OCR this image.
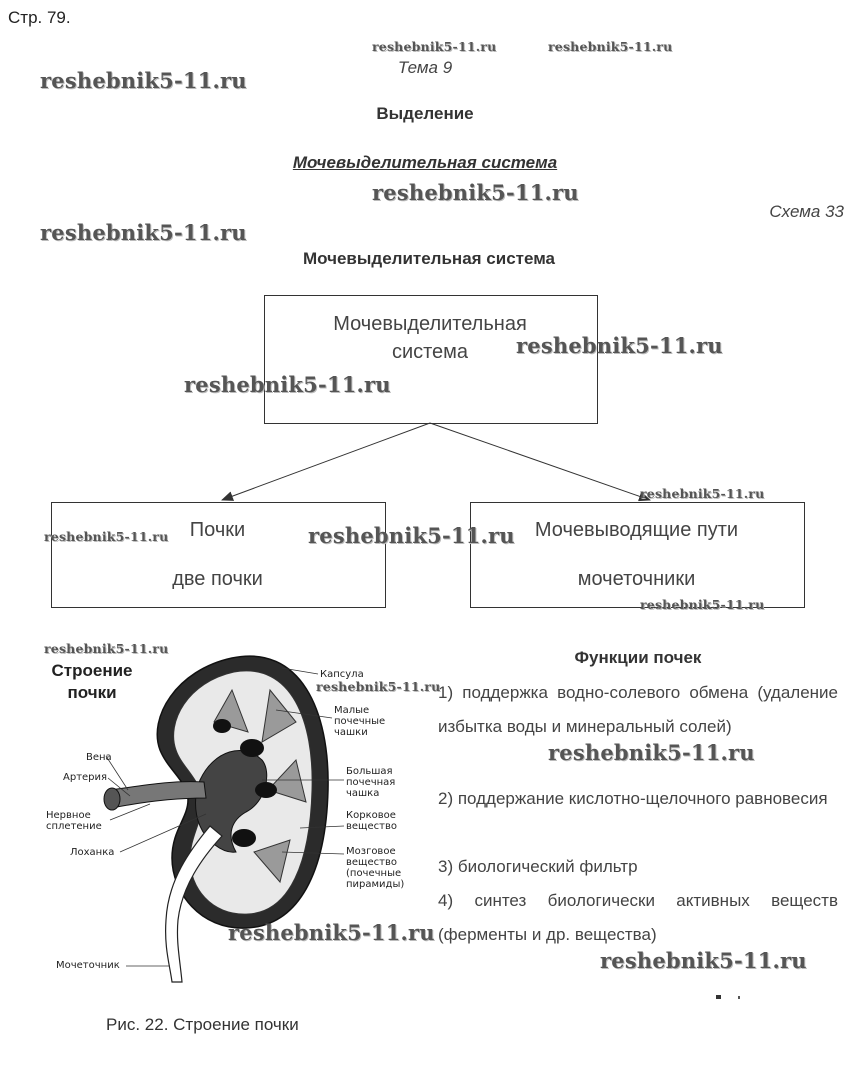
Стр. 79.
Тема 9
Выделение
Мочевыделительная система
Схема 33
Мочевыделительная система
Мочевыделительная
система
Почки
две почки
Мочевыводящие пути
мочеточники
Строение
почки
Капсула
Малые
почечные
чашки
Вена
Артерия
Большая
почечная
чашка
Нервное
сплетение
Корковое
вещество
Лоханка	Мозговое
вещество
(почечные
пирамиды)
Мочеточник
Функции почек
1) поддержка водно-солевого обмена (удаление избытка воды и минеральный солей)
2) поддержание кислотно-щелочного равновесия
3) биологический фильтр
4) синтез биологически активных веществ (ферменты и др. вещества)
Рис. 22. Строение почки
reshebnik5-11.ru	reshebnik5-11.ru
reshebnik5-11.ru
reshebnik5-11.ru
reshebnik5-11.ru
reshebnik5-11.ru
reshebnik5-11.ru
reshebnik5-11.ru
reshebnik5-11.ru	reshebnik5-11.ru
reshebnik5-11.ru
reshebnik5-11.ru
reshebnik5-11.ru
reshebnik5-11.ru
reshebnik5-11.ru
reshebnik5-11.ru
